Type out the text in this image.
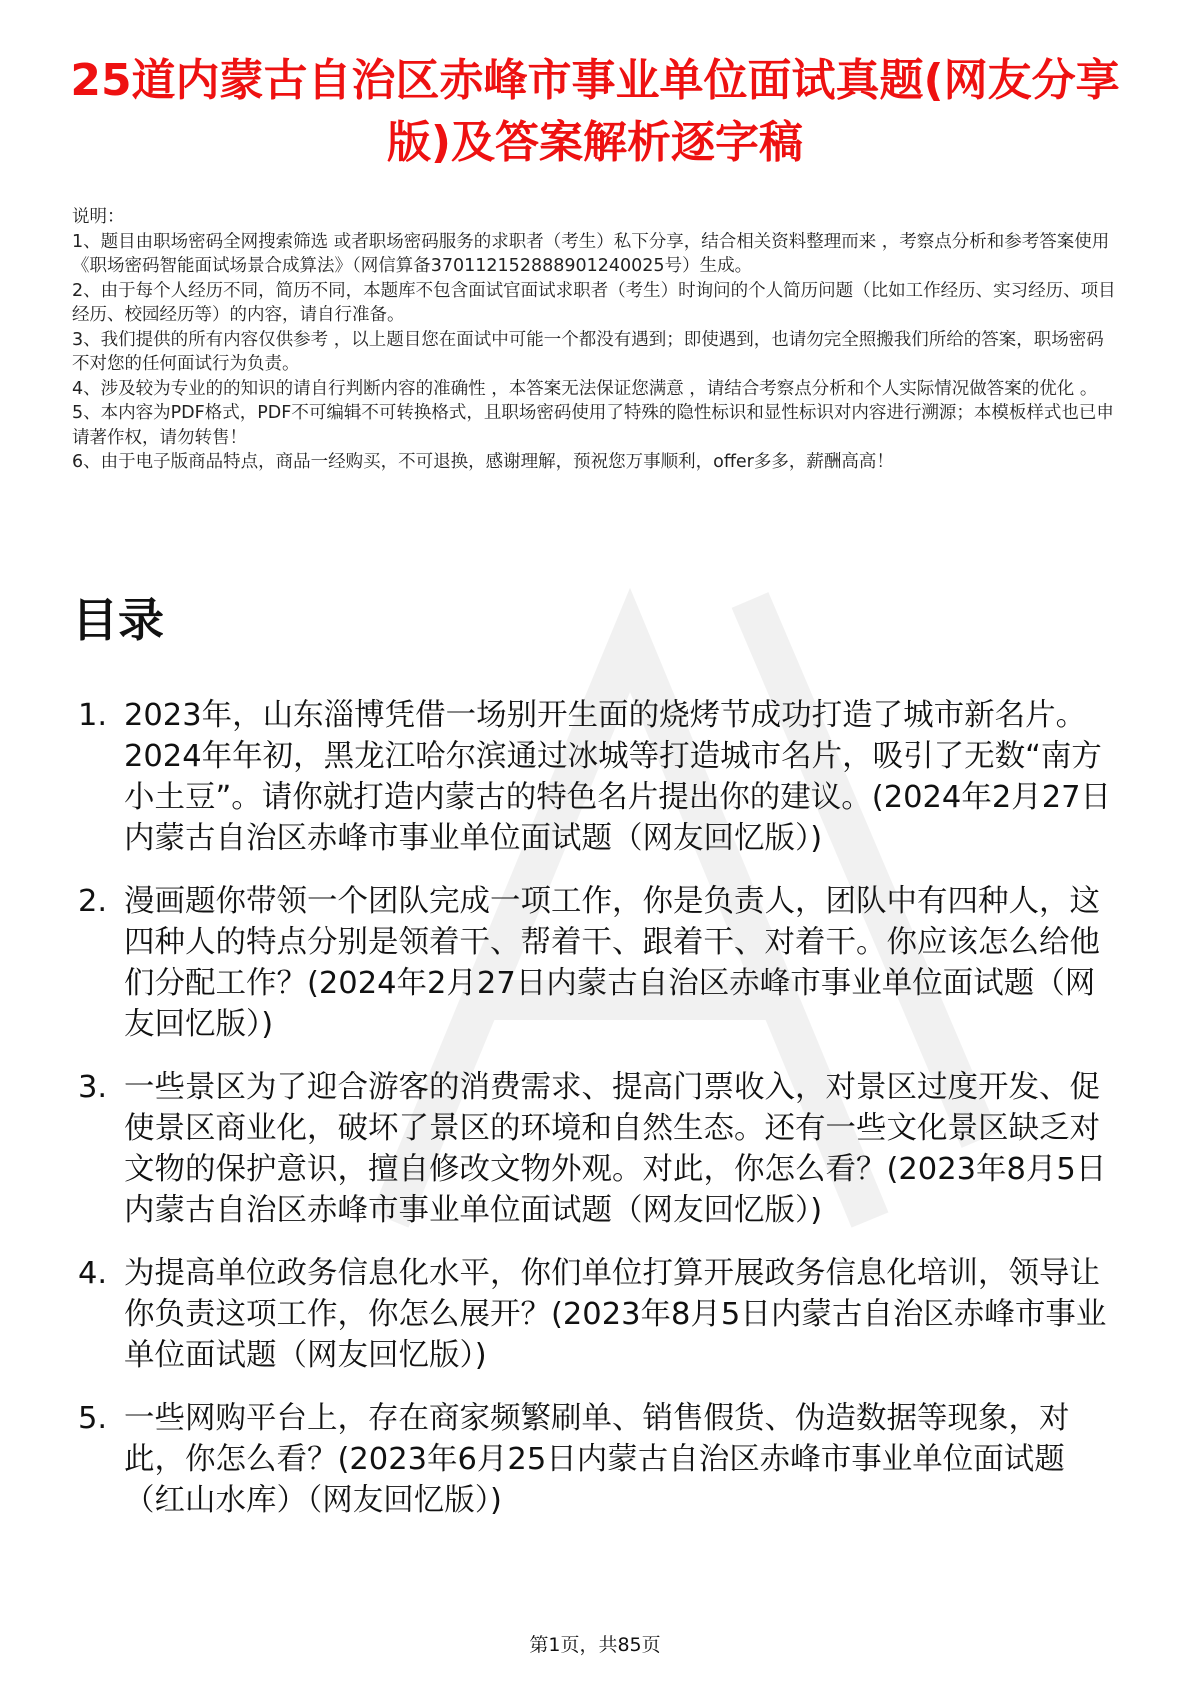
25道内蒙古自治区赤峰市事业单位面试真题(网友分享版)及答案解析逐字稿

说明：

1、题目由职场密码全网搜索筛选 或者职场密码服务的求职者（考生）私下分享，结合相关资料整理而来 ，考察点分析和参考答案使用《职场密码智能面试场景合成算法》（网信算备370112152888901240025号）生成。

2、由于每个人经历不同，简历不同，本题库不包含面试官面试求职者（考生）时询问的个人简历问题（比如工作经历、实习经历、项目经历、校园经历等）的内容，请自行准备。

3、我们提供的所有内容仅供参考 ，以上题目您在面试中可能一个都没有遇到；即使遇到，也请勿完全照搬我们所给的答案，职场密码不对您的任何面试行为负责。

4、涉及较为专业的的知识的请自行判断内容的准确性 ，本答案无法保证您满意 ，请结合考察点分析和个人实际情况做答案的优化 。

5、本内容为PDF格式，PDF不可编辑不可转换格式，且职场密码使用了特殊的隐性标识和显性标识对内容进行溯源；本模板样式也已申请著作权，请勿转售！

6、由于电子版商品特点，商品一经购买，不可退换，感谢理解，预祝您万事顺利，offer多多，薪酬高高！

目录
1. 2023年，山东淄博凭借一场别开生面的烧烤节成功打造了城市新名片。2024年年初，黑龙江哈尔滨通过冰城等打造城市名片，吸引了无数“南方小土豆”。请你就打造内蒙古的特色名片提出你的建议。(2024年2月27日内蒙古自治区赤峰市事业单位面试题（网友回忆版）)
2. 漫画题你带领一个团队完成一项工作，你是负责人，团队中有四种人，这四种人的特点分别是领着干、帮着干、跟着干、对着干。你应该怎么给他们分配工作？(2024年2月27日内蒙古自治区赤峰市事业单位面试题（网友回忆版）)
3. 一些景区为了迎合游客的消费需求、提高门票收入，对景区过度开发、促使景区商业化，破坏了景区的环境和自然生态。还有一些文化景区缺乏对文物的保护意识，擅自修改文物外观。对此，你怎么看？(2023年8月5日内蒙古自治区赤峰市事业单位面试题（网友回忆版）)
4. 为提高单位政务信息化水平，你们单位打算开展政务信息化培训，领导让你负责这项工作，你怎么展开？(2023年8月5日内蒙古自治区赤峰市事业单位面试题（网友回忆版）)
5. 一些网购平台上，存在商家频繁刷单、销售假货、伪造数据等现象，对此，你怎么看？(2023年6月25日内蒙古自治区赤峰市事业单位面试题（红山水库）（网友回忆版）)
第1页，共85页
